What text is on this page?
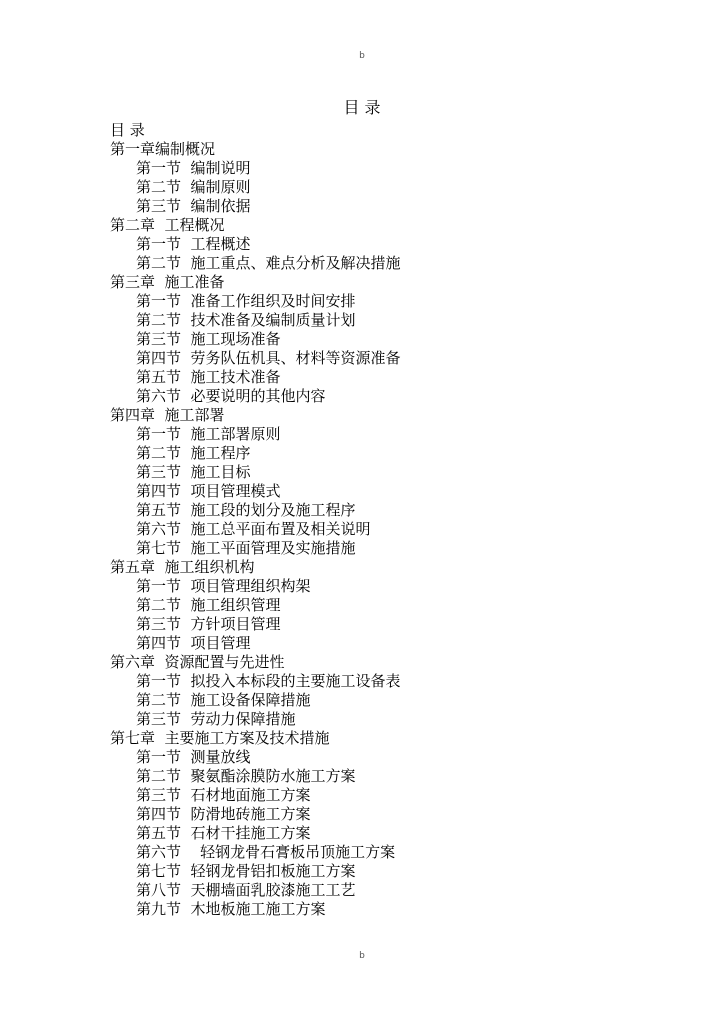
b
目 录
目 录
第一章编制概况
第一节  编制说明
第二节  编制原则
第三节  编制依据
第二章  工程概况
第一节  工程概述
第二节  施工重点、难点分析及解决措施
第三章  施工准备
第一节  准备工作组织及时间安排
第二节  技术准备及编制质量计划
第三节  施工现场准备
第四节  劳务队伍机具、材料等资源准备
第五节  施工技术准备
第六节  必要说明的其他内容
第四章  施工部署
第一节  施工部署原则
第二节  施工程序
第三节  施工目标
第四节  项目管理模式
第五节  施工段的划分及施工程序
第六节  施工总平面布置及相关说明
第七节  施工平面管理及实施措施
第五章  施工组织机构
第一节  项目管理组织构架
第二节  施工组织管理
第三节  方针项目管理
第四节  项目管理
第六章  资源配置与先进性
第一节  拟投入本标段的主要施工设备表
第二节  施工设备保障措施
第三节  劳动力保障措施
第七章  主要施工方案及技术措施
第一节  测量放线
第二节  聚氨酯涂膜防水施工方案
第三节  石材地面施工方案
第四节  防滑地砖施工方案
第五节  石材干挂施工方案
第六节    轻钢龙骨石膏板吊顶施工方案
第七节  轻钢龙骨铝扣板施工方案
第八节  天棚墙面乳胶漆施工工艺
第九节  木地板施工施工方案
b
